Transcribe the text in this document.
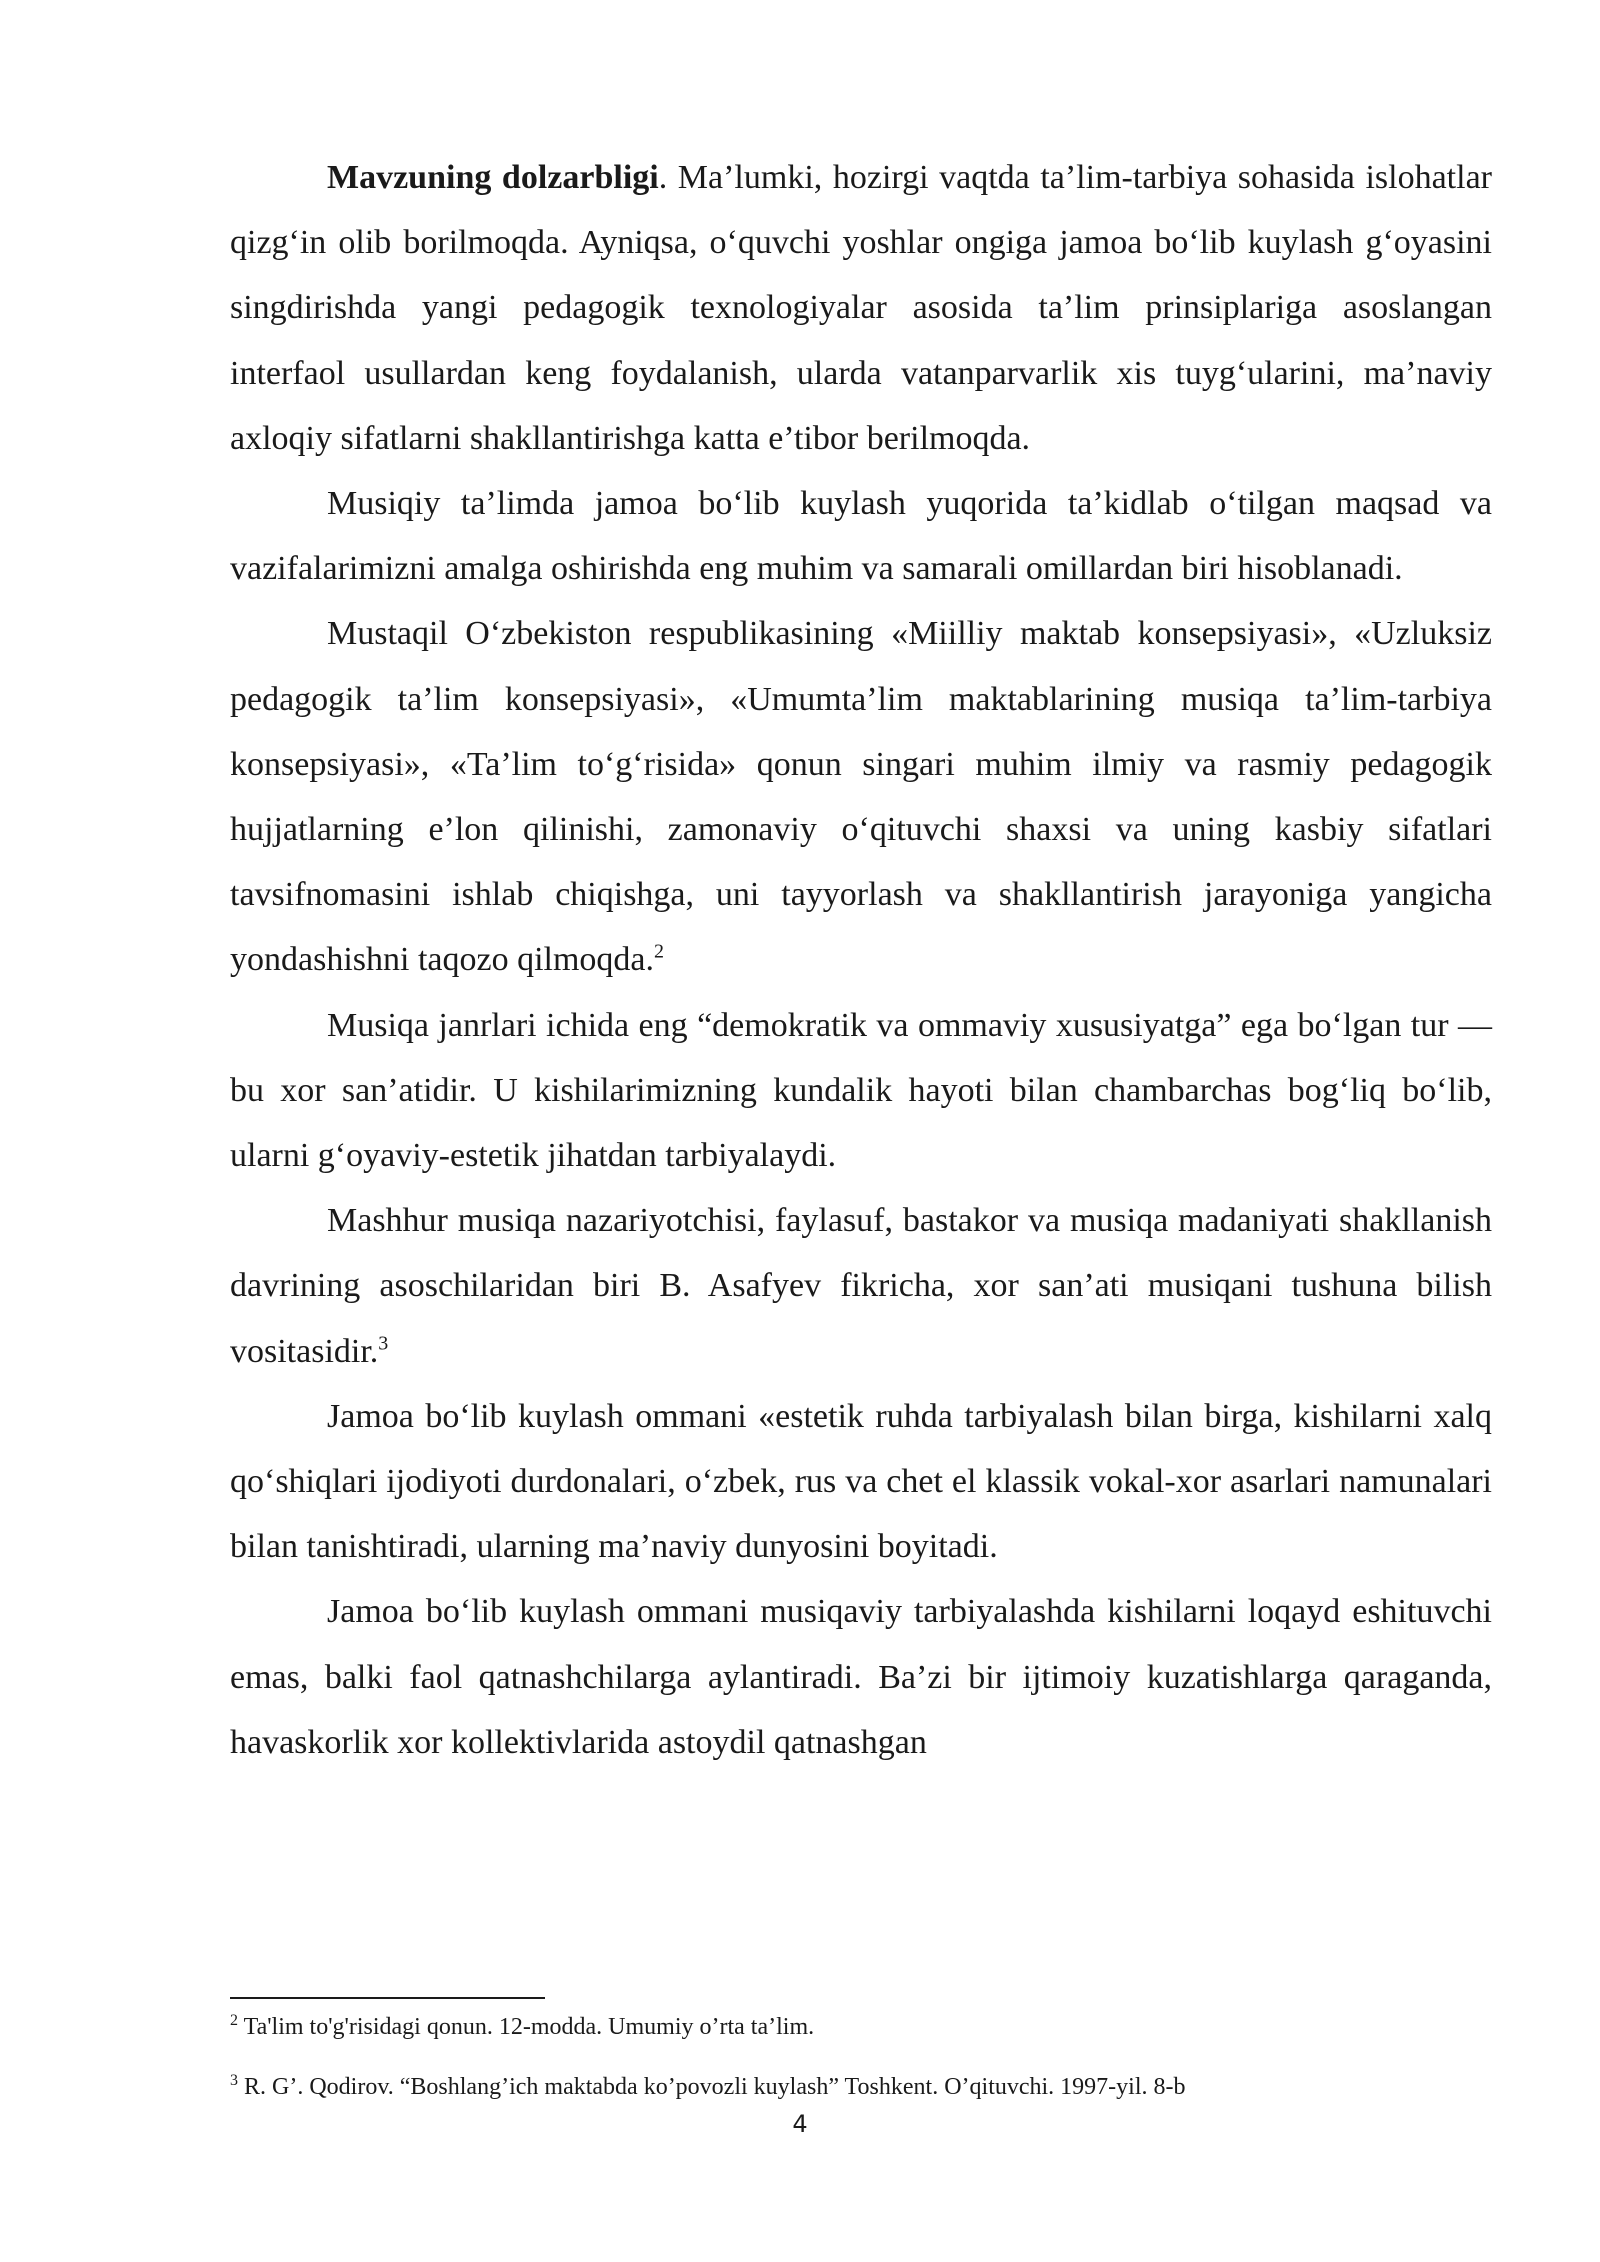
Mavzuning dolzarbligi. Ma’lumki, hozirgi vaqtda ta’lim-tarbiya sohasida islohatlar qizg‘in olib borilmoqda. Ayniqsa, o‘quvchi yoshlar ongiga jamoa bo‘lib kuylash g‘oyasini singdirishda yangi pedagogik texnologiyalar asosida ta’lim prinsiplariga asoslangan interfaol usullardan keng foydalanish, ularda vatanparvarlik xis tuyg‘ularini, ma’naviy axloqiy sifatlarni shakllantirishga katta e’tibor berilmoqda.

Musiqiy ta’limda jamoa bo‘lib kuylash yuqorida ta’kidlab o‘tilgan maqsad va vazifalarimizni amalga oshirishda eng muhim va samarali omillardan biri hisoblanadi.

Mustaqil O‘zbekiston respublikasining «Miilliy maktab konsepsiyasi», «Uzluksiz pedagogik ta’lim konsepsiyasi», «Umumta’lim maktablarining musiqa ta’lim-tarbiya konsepsiyasi», «Ta’lim to‘g‘risida» qonun singari muhim ilmiy va rasmiy pedagogik hujjatlarning e’lon qilinishi, zamonaviy o‘qituvchi shaxsi va uning kasbiy sifatlari tavsifnomasini ishlab chiqishga, uni tayyorlash va shakllantirish jarayoniga yangicha yondashishni taqozo qilmoqda.$^2$

Musiqa janrlari ichida eng “demokratik va ommaviy xususiyatga” ega bo‘lgan tur — bu xor san’atidir. U kishilarimizning kundalik hayoti bilan chambarchas bog‘liq bo‘lib, ularni g‘oyaviy-estetik jihatdan tarbiyalaydi.

Mashhur musiqa nazariyotchisi, faylasuf, bastakor va musiqa madaniyati shakllanish davrining asoschilaridan biri B. Asafyev fikricha, xor san’ati musiqani tushuna bilish vositasidir.$^3$

Jamoa bo‘lib kuylash ommani «estetik ruhda tarbiyalash bilan birga, kishilarni xalq qo‘shiqlari ijodiyoti durdonalari, o‘zbek, rus va chet el klassik vokal-xor asarlari namunalari bilan tanishtiradi, ularning ma’naviy dunyosini boyitadi.

Jamoa bo‘lib kuylash ommani musiqaviy tarbiyalashda kishilarni loqayd eshituvchi emas, balki faol qatnashchilarga aylantiradi. Ba’zi bir ijtimoiy kuzatishlarga qaraganda, havaskorlik xor kollektivlarida astoydil qatnashgan

$^2$ Ta'lim to'g'risidagi qonun. 12-modda. Umumiy o’rta ta’lim.
$^3$ R. G’. Qodirov. “Boshlang’ich maktabda ko’povozli kuylash” Toshkent. O’qituvchi. 1997-yil. 8-b
4
